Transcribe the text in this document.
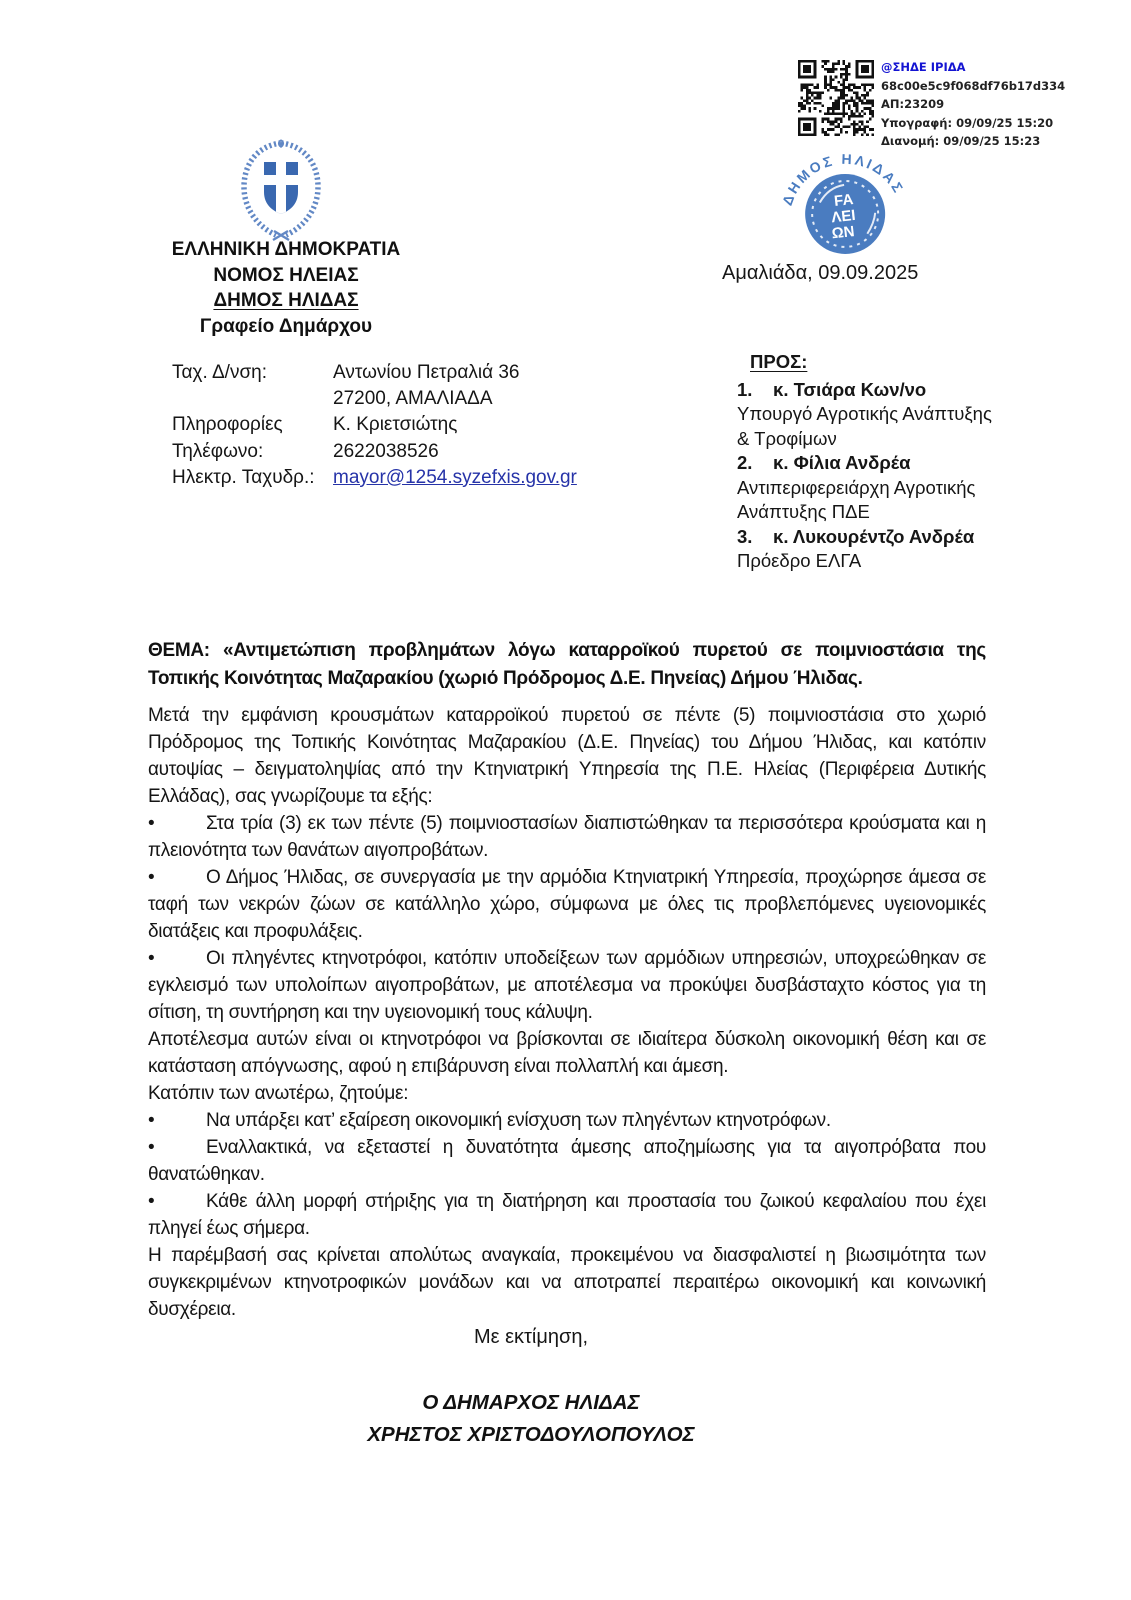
@ΣΗΔΕ ΙΡΙΔΑ
68c00e5c9f068df76b17d334
ΑΠ:23209
Υπογραφή: 09/09/25 15:20
Διανομή: 09/09/25 15:23
ΕΛΛΗΝΙΚΗ ΔΗΜΟΚΡΑΤΙΑ
ΝΟΜΟΣ ΗΛΕΙΑΣ
ΔΗΜΟΣ ΗΛΙΔΑΣ
Γραφείο Δημάρχου
ΔΗΜΟΣ ΗΛΙΔΑΣ
FA
ΛΕΙ
ΩΝ
Ταχ. Δ/νση:	Αντωνίου Πετραλιά 36
27200, ΑΜΑΛΙΑΔΑ
Πληροφορίες	Κ. Κριετσιώτης
Τηλέφωνο:	2622038526
Ηλεκτρ. Ταχυδρ.: mayor@1254.syzefxis.gov.gr
Αμαλιάδα, 09.09.2025
ΠΡΟΣ:
1. κ. Τσιάρα Κων/νο
Υπουργό Αγροτικής Ανάπτυξης & Τροφίμων
2. κ. Φίλια Ανδρέα
Αντιπεριφερειάρχη Αγροτικής Ανάπτυξης ΠΔΕ
3. κ. Λυκουρέντζο Ανδρέα
Πρόεδρο ΕΛΓΑ
ΘΕΜΑ: «Αντιμετώπιση προβλημάτων λόγω καταρροϊκού πυρετού σε ποιμνιοστάσια της Τοπικής Κοινότητας Μαζαρακίου (χωριό Πρόδρομος Δ.Ε. Πηνείας) Δήμου Ήλιδας.

Μετά την εμφάνιση κρουσμάτων καταρροϊκού πυρετού σε πέντε (5) ποιμνιοστάσια στο χωριό Πρόδρομος της Τοπικής Κοινότητας Μαζαρακίου (Δ.Ε. Πηνείας) του Δήμου Ήλιδας, και κατόπιν αυτοψίας – δειγματοληψίας από την Κτηνιατρική Υπηρεσία της Π.Ε. Ηλείας (Περιφέρεια Δυτικής Ελλάδας), σας γνωρίζουμε τα εξής:

•	Στα τρία (3) εκ των πέντε (5) ποιμνιοστασίων διαπιστώθηκαν τα περισσότερα κρούσματα και η πλειονότητα των θανάτων αιγοπροβάτων.

•	Ο Δήμος Ήλιδας, σε συνεργασία με την αρμόδια Κτηνιατρική Υπηρεσία, προχώρησε άμεσα σε ταφή των νεκρών ζώων σε κατάλληλο χώρο, σύμφωνα με όλες τις προβλεπόμενες υγειονομικές διατάξεις και προφυλάξεις.

•	Οι πληγέντες κτηνοτρόφοι, κατόπιν υποδείξεων των αρμόδιων υπηρεσιών, υποχρεώθηκαν σε εγκλεισμό των υπολοίπων αιγοπροβάτων, με αποτέλεσμα να προκύψει δυσβάσταχτο κόστος για τη σίτιση, τη συντήρηση και την υγειονομική τους κάλυψη.

Αποτέλεσμα αυτών είναι οι κτηνοτρόφοι να βρίσκονται σε ιδιαίτερα δύσκολη οικονομική θέση και σε κατάσταση απόγνωσης, αφού η επιβάρυνση είναι πολλαπλή και άμεση.

Κατόπιν των ανωτέρω, ζητούμε:

•	Να υπάρξει κατ’ εξαίρεση οικονομική ενίσχυση των πληγέντων κτηνοτρόφων.

•	Εναλλακτικά, να εξεταστεί η δυνατότητα άμεσης αποζημίωσης για τα αιγοπρόβατα που θανατώθηκαν.

•	Κάθε άλλη μορφή στήριξης για τη διατήρηση και προστασία του ζωικού κεφαλαίου που έχει πληγεί έως σήμερα.

Η παρέμβασή σας κρίνεται απολύτως αναγκαία, προκειμένου να διασφαλιστεί η βιωσιμότητα των συγκεκριμένων κτηνοτροφικών μονάδων και να αποτραπεί περαιτέρω οικονομική και κοινωνική δυσχέρεια.

Με εκτίμηση,
Ο ΔΗΜΑΡΧΟΣ ΗΛΙΔΑΣ
ΧΡΗΣΤΟΣ ΧΡΙΣΤΟΔΟΥΛΟΠΟΥΛΟΣ
